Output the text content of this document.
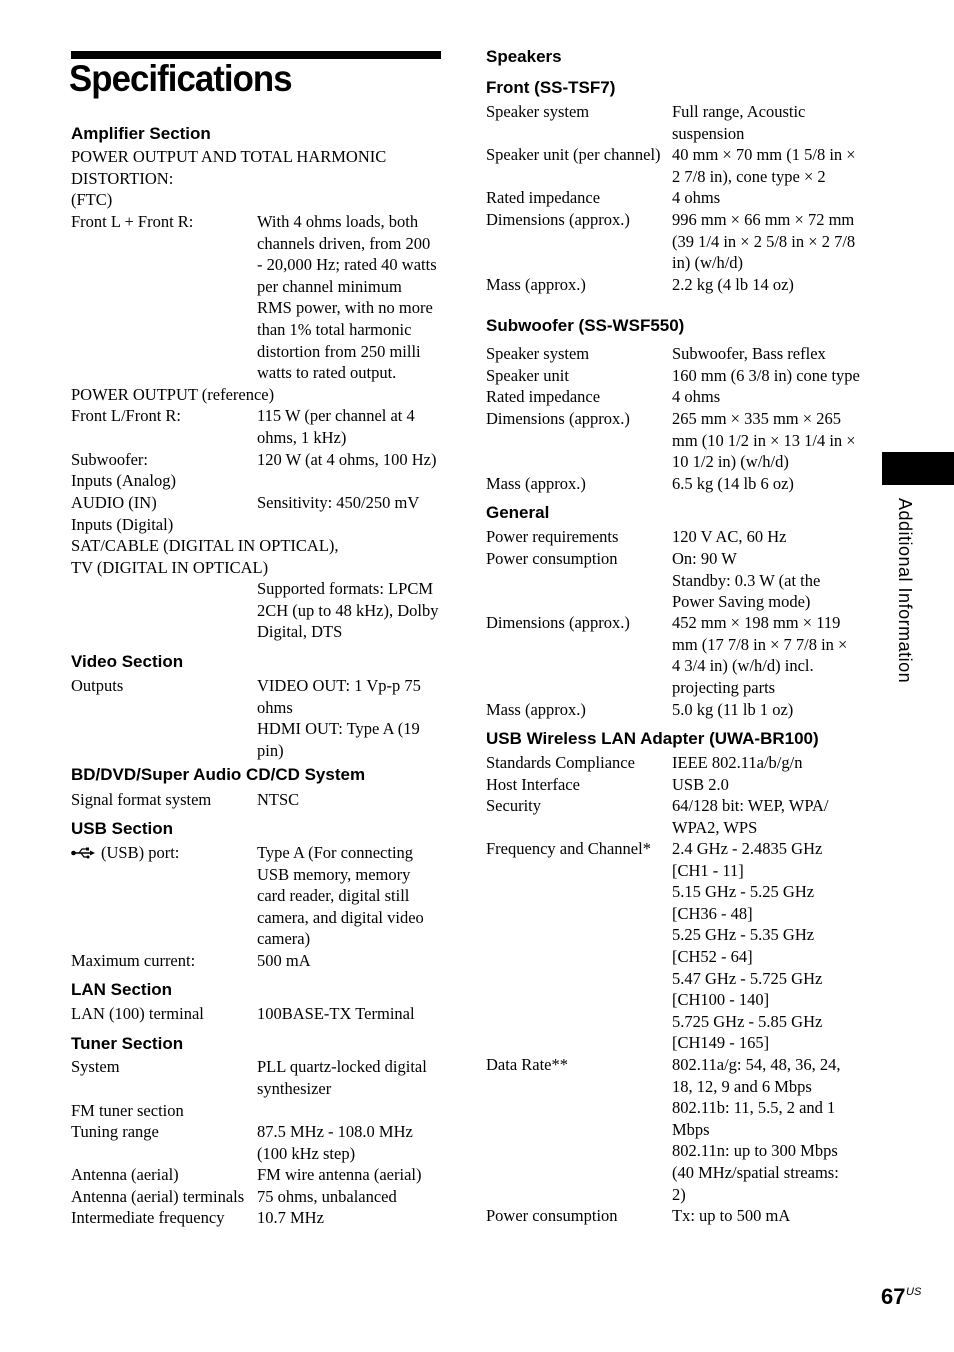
Specifications
Amplifier Section
POWER OUTPUT AND TOTAL HARMONIC
DISTORTION:
(FTC)
Front L + Front R:	With 4 ohms loads, both
channels driven, from 200
- 20,000 Hz; rated 40 watts
per channel minimum
RMS power, with no more
than 1% total harmonic
distortion from 250 milli
watts to rated output.
POWER OUTPUT (reference)
Front L/Front R:	115 W (per channel at 4
ohms, 1 kHz)
Subwoofer:	120 W (at 4 ohms, 100 Hz)
Inputs (Analog)
AUDIO (IN)	Sensitivity: 450/250 mV
Inputs (Digital)
SAT/CABLE (DIGITAL IN OPTICAL),
TV (DIGITAL IN OPTICAL)
Supported formats: LPCM
2CH (up to 48 kHz), Dolby
Digital, DTS
Video Section
Outputs	VIDEO OUT: 1 Vp-p 75
ohms
HDMI OUT: Type A (19
pin)
BD/DVD/Super Audio CD/CD System
Signal format system	NTSC
USB Section
(USB) port:	Type A (For connecting
USB memory, memory
card reader, digital still
camera, and digital video
camera)
Maximum current:	500 mA
LAN Section
LAN (100) terminal	100BASE-TX Terminal
Tuner Section
System	PLL quartz-locked digital
synthesizer
FM tuner section
Tuning range	87.5 MHz - 108.0 MHz
(100 kHz step)
Antenna (aerial)	FM wire antenna (aerial)
Antenna (aerial) terminals 75 ohms, unbalanced
Intermediate frequency 10.7 MHz
Speakers
Front (SS-TSF7)
Speaker system	Full range, Acoustic
suspension
Speaker unit (per channel) 40 mm × 70 mm (1 5/8 in ×
2 7/8 in), cone type × 2
Rated impedance	4 ohms
Dimensions (approx.)	996 mm × 66 mm × 72 mm
(39 1/4 in × 2 5/8 in × 2 7/8
in) (w/h/d)
Mass (approx.)	2.2 kg (4 lb 14 oz)
Subwoofer (SS-WSF550)
Speaker system	Subwoofer, Bass reflex
Speaker unit	160 mm (6 3/8 in) cone type
Rated impedance	4 ohms
Dimensions (approx.)	265 mm × 335 mm × 265
mm (10 1/2 in × 13 1/4 in ×
10 1/2 in) (w/h/d)
Mass (approx.)	6.5 kg (14 lb 6 oz)
General
Power requirements	120 V AC, 60 Hz
Power consumption	On: 90 W
Standby: 0.3 W (at the
Power Saving mode)
Dimensions (approx.)	452 mm × 198 mm × 119
mm (17 7/8 in × 7 7/8 in ×
4 3/4 in) (w/h/d) incl.
projecting parts
Mass (approx.)	5.0 kg (11 lb 1 oz)
USB Wireless LAN Adapter (UWA-BR100)
Standards Compliance IEEE 802.11a/b/g/n
Host Interface	USB 2.0
Security	64/128 bit: WEP, WPA/
WPA2, WPS
Frequency and Channel* 2.4 GHz - 2.4835 GHz
[CH1 - 11]
5.15 GHz - 5.25 GHz
[CH36 - 48]
5.25 GHz - 5.35 GHz
[CH52 - 64]
5.47 GHz - 5.725 GHz
[CH100 - 140]
5.725 GHz - 5.85 GHz
[CH149 - 165]
Data Rate**	802.11a/g: 54, 48, 36, 24,
18, 12, 9 and 6 Mbps
802.11b: 11, 5.5, 2 and 1
Mbps
802.11n: up to 300 Mbps
(40 MHz/spatial streams:
2)
Power consumption	Tx: up to 500 mA
Additional Information
67 US
